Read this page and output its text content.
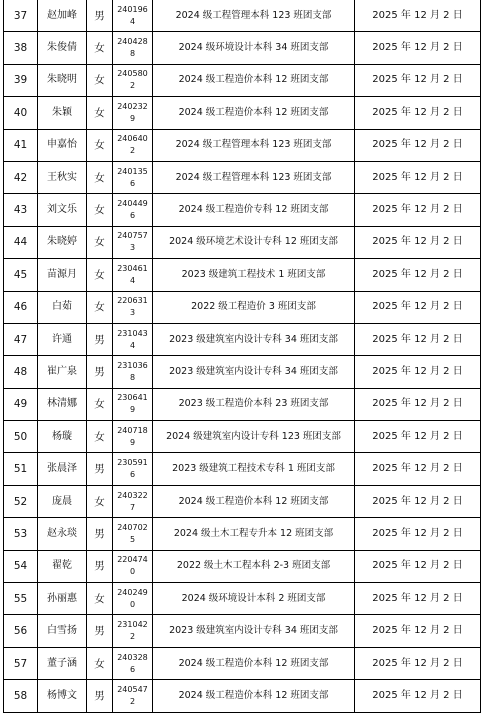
37	赵加峰	男	2401964	2024 级工程管理本科 123 班团支部	2025 年 12 月 2 日
38	朱俊倩	女	2404288	2024 级环境设计本科 34 班团支部	2025 年 12 月 2 日
39	朱晓明	女	2405802	2024 级工程造价本科 12 班团支部	2025 年 12 月 2 日
40	朱颖	女	2402329	2024 级工程造价本科 12 班团支部	2025 年 12 月 2 日
41	申嘉怡	女	2406402	2024 级工程管理本科 123 班团支部	2025 年 12 月 2 日
42	王秋实	女	2401356	2024 级工程管理本科 123 班团支部	2025 年 12 月 2 日
43	刘文乐	女	2404496	2024 级工程造价专科 12 班团支部	2025 年 12 月 2 日
44	朱晓婷	女	2407573	2024 级环境艺术设计专科 12 班团支部	2025 年 12 月 2 日
45	苗源月	女	2304614	2023 级建筑工程技术 1 班团支部	2025 年 12 月 2 日
46	白茹	女	2206313	2022 级工程造价 3 班团支部	2025 年 12 月 2 日
47	许通	男	2310434	2023 级建筑室内设计专科 34 班团支部	2025 年 12 月 2 日
48	崔广泉	男	2310368	2023 级建筑室内设计专科 34 班团支部	2025 年 12 月 2 日
49	林清娜	女	2306419	2023 级工程造价本科 23 班团支部	2025 年 12 月 2 日
50	杨璇	女	2407189	2024 级建筑室内设计专科 123 班团支部	2025 年 12 月 2 日
51	张晨泽	男	2305916	2023 级建筑工程技术专科 1 班团支部	2025 年 12 月 2 日
52	庞晨	女	2403227	2024 级工程造价本科 12 班团支部	2025 年 12 月 2 日
53	赵永琰	男	2407025	2024 级土木工程专升本 12 班团支部	2025 年 12 月 2 日
54	翟乾	男	2204740	2022 级土木工程本科 2-3 班团支部	2025 年 12 月 2 日
55	孙丽惠	女	2402490	2024 级环境设计本科 2 班团支部	2025 年 12 月 2 日
56	白雪扬	男	2310422	2023 级建筑室内设计专科 34 班团支部	2025 年 12 月 2 日
57	董子涵	女	2403286	2024 级工程造价本科 12 班团支部	2025 年 12 月 2 日
58	杨博文	男	2405472	2024 级工程造价本科 12 班团支部	2025 年 12 月 2 日
